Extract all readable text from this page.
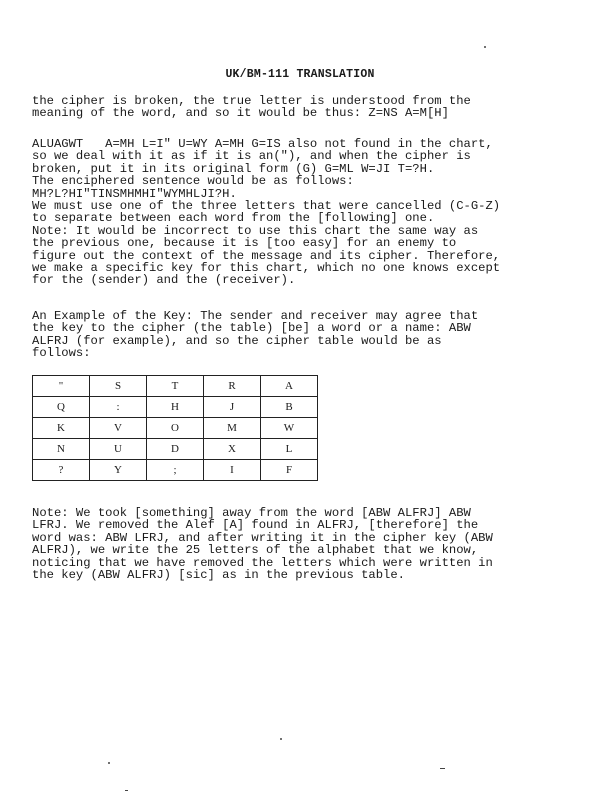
UK/BM-111 TRANSLATION
the cipher is broken, the true letter is understood from the
meaning of the word, and so it would be thus: Z=NS A=M[H]
ALUAGWT   A=MH L=I" U=WY A=MH G=IS also not found in the chart,
so we deal with it as if it is an("), and when the cipher is
broken, put it in its original form (G) G=ML W=JI T=?H.
The enciphered sentence would be as follows:
MH?L?HI"TINSMHMHI"WYMHLJI?H.
We must use one of the three letters that were cancelled (C-G-Z)
to separate between each word from the [following] one.
Note: It would be incorrect to use this chart the same way as
the previous one, because it is [too easy] for an enemy to
figure out the context of the message and its cipher. Therefore,
we make a specific key for this chart, which no one knows except
for the (sender) and the (receiver).
An Example of the Key: The sender and receiver may agree that
the key to the cipher (the table) [be] a word or a name: ABW
ALFRJ (for example), and so the cipher table would be as
follows:
"	S	T	R	A
Q	:	H	J	B
K	V	O	M	W
N	U	D	X	L
?	Y	;	I	F
Note: We took [something] away from the word [ABW ALFRJ] ABW
LFRJ. We removed the Alef [A] found in ALFRJ, [therefore] the
word was: ABW LFRJ, and after writing it in the cipher key (ABW
ALFRJ), we write the 25 letters of the alphabet that we know,
noticing that we have removed the letters which were written in
the key (ABW ALFRJ) [sic] as in the previous table.
